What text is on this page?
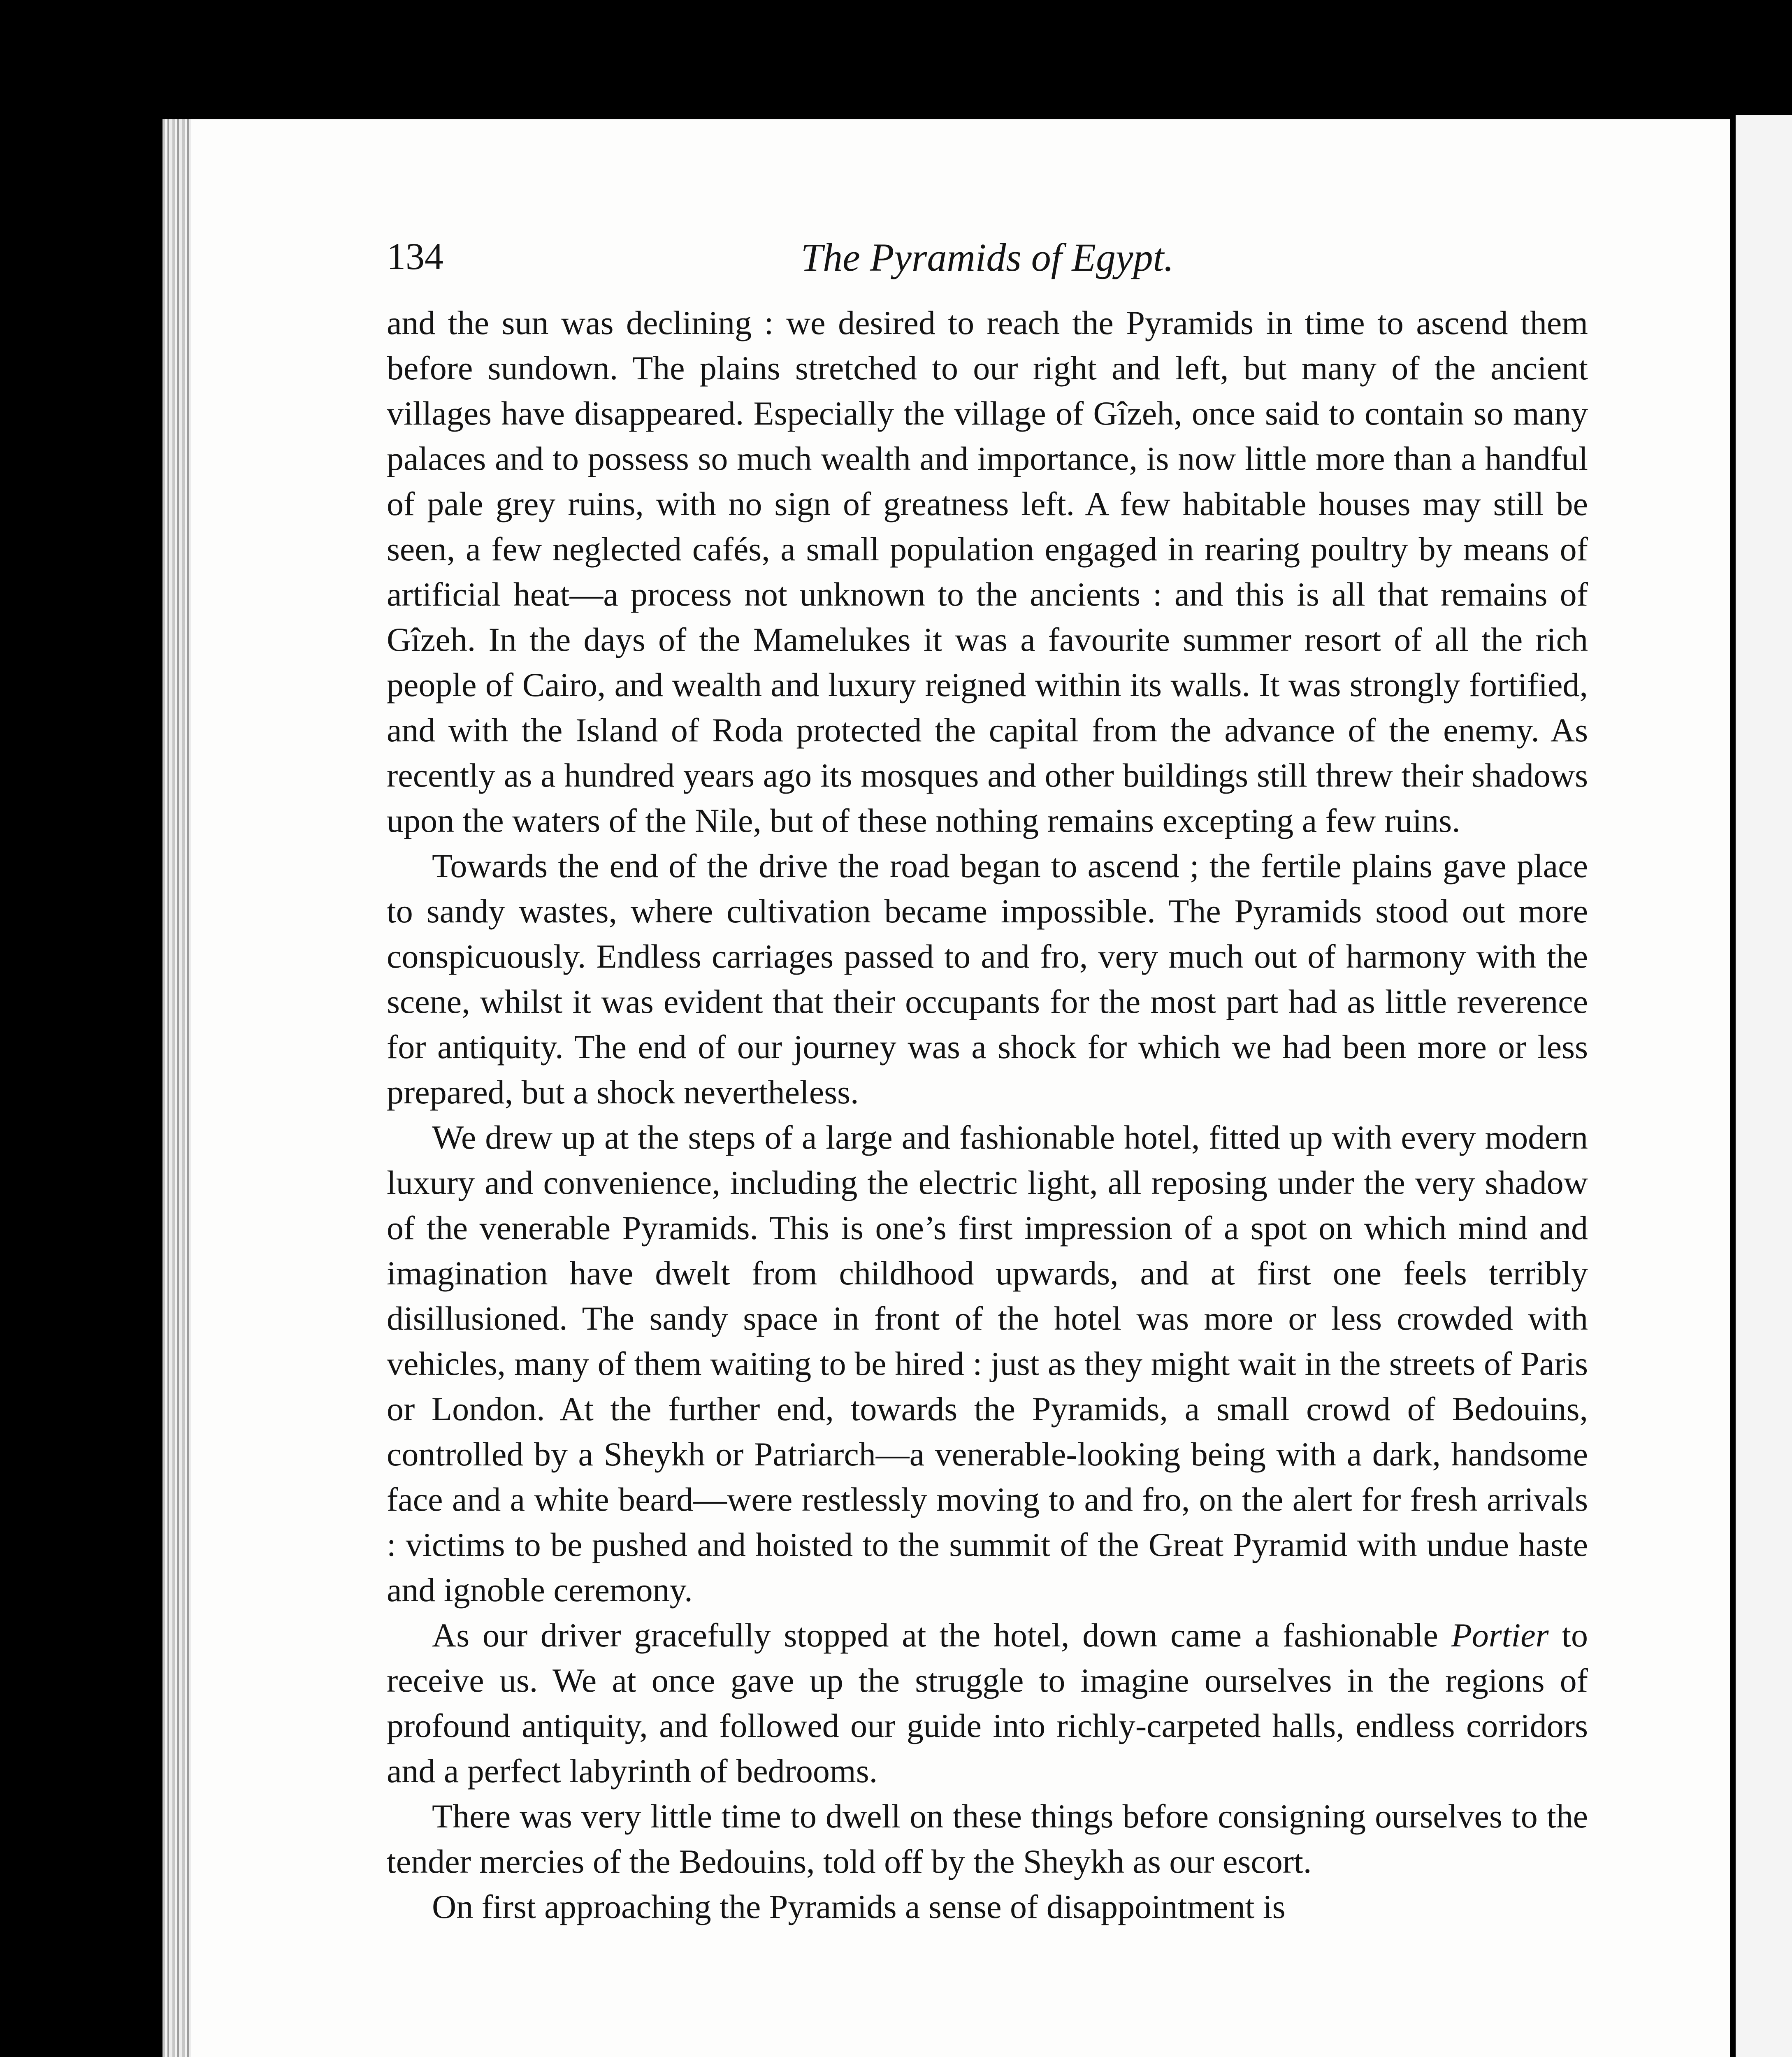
134	The Pyramids of Egypt.

and the sun was declining : we desired to reach the Pyramids in time to ascend them before sundown. The plains stretched to our right and left, but many of the ancient villages have disappeared. Especially the village of Gîzeh, once said to contain so many palaces and to possess so much wealth and importance, is now little more than a handful of pale grey ruins, with no sign of greatness left. A few habitable houses may still be seen, a few neglected cafés, a small population engaged in rearing poultry by means of artificial heat—a process not unknown to the ancients : and this is all that remains of Gîzeh. In the days of the Mamelukes it was a favourite summer resort of all the rich people of Cairo, and wealth and luxury reigned within its walls. It was strongly fortified, and with the Island of Roda protected the capital from the advance of the enemy. As recently as a hundred years ago its mosques and other buildings still threw their shadows upon the waters of the Nile, but of these nothing remains excepting a few ruins.

Towards the end of the drive the road began to ascend ; the fertile plains gave place to sandy wastes, where cultivation became impossible. The Pyramids stood out more conspicuously. Endless carriages passed to and fro, very much out of harmony with the scene, whilst it was evident that their occupants for the most part had as little reverence for antiquity. The end of our journey was a shock for which we had been more or less prepared, but a shock nevertheless.

We drew up at the steps of a large and fashionable hotel, fitted up with every modern luxury and convenience, including the electric light, all reposing under the very shadow of the venerable Pyramids. This is one’s first impression of a spot on which mind and imagination have dwelt from childhood upwards, and at first one feels terribly disillusioned. The sandy space in front of the hotel was more or less crowded with vehicles, many of them waiting to be hired : just as they might wait in the streets of Paris or London. At the further end, towards the Pyramids, a small crowd of Bedouins, controlled by a Sheykh or Patriarch—a venerable-looking being with a dark, handsome face and a white beard—were restlessly moving to and fro, on the alert for fresh arrivals : victims to be pushed and hoisted to the summit of the Great Pyramid with undue haste and ignoble ceremony.

As our driver gracefully stopped at the hotel, down came a fashionable Portier to receive us. We at once gave up the struggle to imagine ourselves in the regions of profound antiquity, and followed our guide into richly-carpeted halls, endless corridors and a perfect labyrinth of bedrooms.

There was very little time to dwell on these things before consigning ourselves to the tender mercies of the Bedouins, told off by the Sheykh as our escort.

On first approaching the Pyramids a sense of disappointment is
